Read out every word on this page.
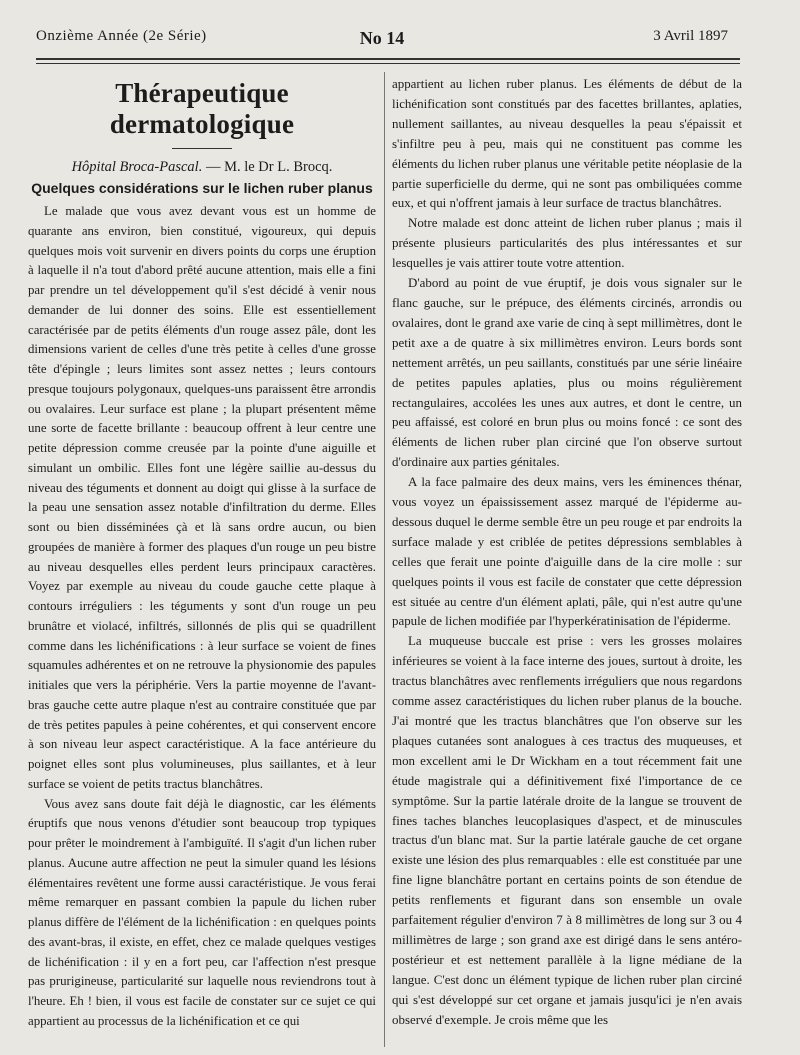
Onzième Année (2e Série)	No 14	3 Avril 1897
Thérapeutique dermatologique
Hôpital Broca-Pascal. — M. le Dr L. Brocq.
Quelques considérations sur le lichen ruber planus

Le malade que vous avez devant vous est un homme de quarante ans environ, bien constitué, vigoureux, qui depuis quelques mois voit survenir en divers points du corps une éruption à laquelle il n'a tout d'abord prêté aucune attention, mais elle a fini par prendre un tel développement qu'il s'est décidé à venir nous demander de lui donner des soins. Elle est essentiellement caractérisée par de petits éléments d'un rouge assez pâle, dont les dimensions varient de celles d'une très petite à celles d'une grosse tête d'épingle ; leurs limites sont assez nettes ; leurs contours presque toujours polygonaux, quelques-uns paraissent être arrondis ou ovalaires. Leur surface est plane ; la plupart présentent même une sorte de facette brillante : beaucoup offrent à leur centre une petite dépression comme creusée par la pointe d'une aiguille et simulant un ombilic. Elles font une légère saillie au-dessus du niveau des téguments et donnent au doigt qui glisse à la surface de la peau une sensation assez notable d'infiltration du derme. Elles sont ou bien disséminées çà et là sans ordre aucun, ou bien groupées de manière à former des plaques d'un rouge un peu bistre au niveau desquelles elles perdent leurs principaux caractères. Voyez par exemple au niveau du coude gauche cette plaque à contours irréguliers : les téguments y sont d'un rouge un peu brunâtre et violacé, infiltrés, sillonnés de plis qui se quadrillent comme dans les lichénifications : à leur surface se voient de fines squamules adhérentes et on ne retrouve la physionomie des papules initiales que vers la périphérie. Vers la partie moyenne de l'avant-bras gauche cette autre plaque n'est au contraire constituée que par de très petites papules à peine cohérentes, et qui conservent encore à son niveau leur aspect caractéristique. A la face antérieure du poignet elles sont plus volumineuses, plus saillantes, et à leur surface se voient de petits tractus blanchâtres.

Vous avez sans doute fait déjà le diagnostic, car les éléments éruptifs que nous venons d'étudier sont beaucoup trop typiques pour prêter le moindrement à l'ambiguïté. Il s'agit d'un lichen ruber planus. Aucune autre affection ne peut la simuler quand les lésions élémentaires revêtent une forme aussi caractéristique. Je vous ferai même remarquer en passant combien la papule du lichen ruber planus diffère de l'élément de la lichénification : en quelques points des avant-bras, il existe, en effet, chez ce malade quelques vestiges de lichénification : il y en a fort peu, car l'affection n'est presque pas prurigineuse, particularité sur laquelle nous reviendrons tout à l'heure. Eh ! bien, il vous est facile de constater sur ce sujet ce qui appartient au processus de la lichénification et ce qui

appartient au lichen ruber planus. Les éléments de début de la lichénification sont constitués par des facettes brillantes, aplaties, nullement saillantes, au niveau desquelles la peau s'épaissit et s'infiltre peu à peu, mais qui ne constituent pas comme les éléments du lichen ruber planus une véritable petite néoplasie de la partie superficielle du derme, qui ne sont pas ombiliquées comme eux, et qui n'offrent jamais à leur surface de tractus blanchâtres.

Notre malade est donc atteint de lichen ruber planus ; mais il présente plusieurs particularités des plus intéressantes et sur lesquelles je vais attirer toute votre attention.

D'abord au point de vue éruptif, je dois vous signaler sur le flanc gauche, sur le prépuce, des éléments circinés, arrondis ou ovalaires, dont le grand axe varie de cinq à sept millimètres, dont le petit axe a de quatre à six millimètres environ. Leurs bords sont nettement arrêtés, un peu saillants, constitués par une série linéaire de petites papules aplaties, plus ou moins régulièrement rectangulaires, accolées les unes aux autres, et dont le centre, un peu affaissé, est coloré en brun plus ou moins foncé : ce sont des éléments de lichen ruber plan circiné que l'on observe surtout d'ordinaire aux parties génitales.

A la face palmaire des deux mains, vers les éminences thénar, vous voyez un épaississement assez marqué de l'épiderme au-dessous duquel le derme semble être un peu rouge et par endroits la surface malade y est criblée de petites dépressions semblables à celles que ferait une pointe d'aiguille dans de la cire molle : sur quelques points il vous est facile de constater que cette dépression est située au centre d'un élément aplati, pâle, qui n'est autre qu'une papule de lichen modifiée par l'hyperkératinisation de l'épiderme.

La muqueuse buccale est prise : vers les grosses molaires inférieures se voient à la face interne des joues, surtout à droite, les tractus blanchâtres avec renflements irréguliers que nous regardons comme assez caractéristiques du lichen ruber planus de la bouche. J'ai montré que les tractus blanchâtres que l'on observe sur les plaques cutanées sont analogues à ces tractus des muqueuses, et mon excellent ami le Dr Wickham en a tout récemment fait une étude magistrale qui a définitivement fixé l'importance de ce symptôme. Sur la partie latérale droite de la langue se trouvent de fines taches blanches leucoplasiques d'aspect, et de minuscules tractus d'un blanc mat. Sur la partie latérale gauche de cet organe existe une lésion des plus remarquables : elle est constituée par une fine ligne blanchâtre portant en certains points de son étendue de petits renflements et figurant dans son ensemble un ovale parfaitement régulier d'environ 7 à 8 millimètres de long sur 3 ou 4 millimètres de large ; son grand axe est dirigé dans le sens antéro-postérieur et est nettement parallèle à la ligne médiane de la langue. C'est donc un élément typique de lichen ruber plan circiné qui s'est développé sur cet organe et jamais jusqu'ici je n'en avais observé d'exemple. Je crois même que les
